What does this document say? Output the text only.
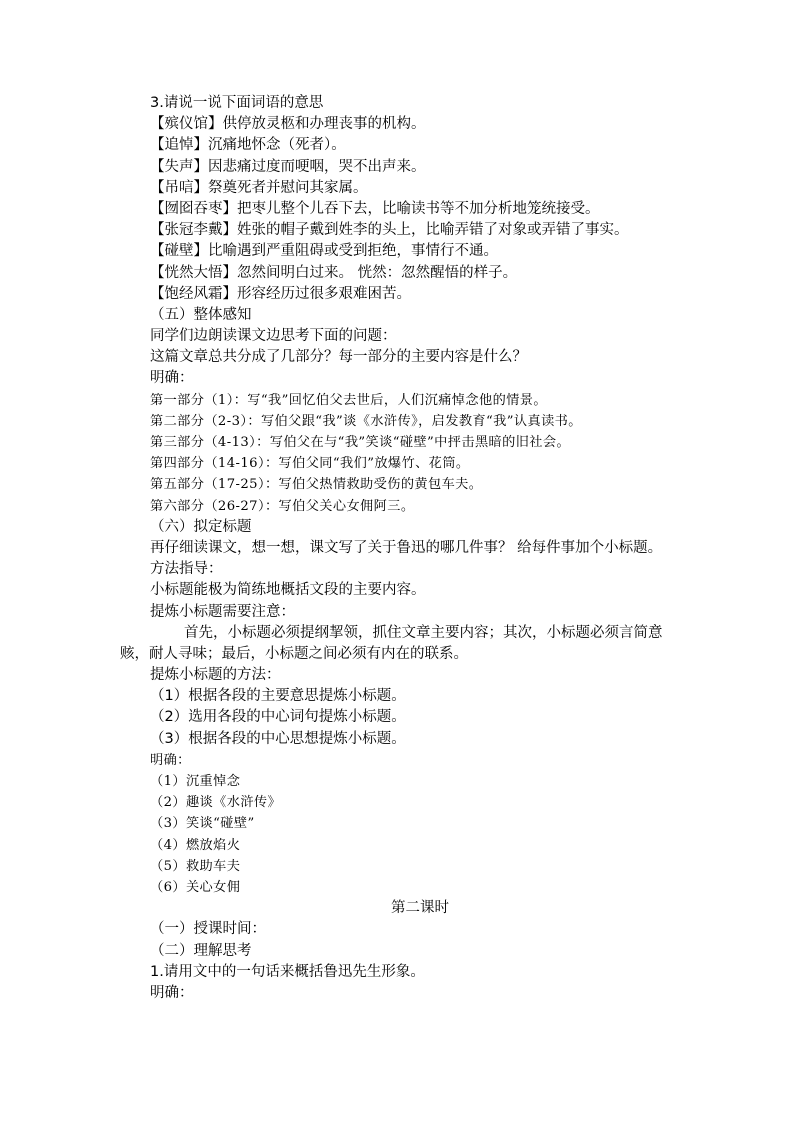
3.请说一说下面词语的意思
【殡仪馆】供停放灵柩和办理丧事的机构。
【追悼】沉痛地怀念（死者）。
【失声】因悲痛过度而哽咽，哭不出声来。
【吊唁】祭奠死者并慰问其家属。
【囫囵吞枣】把枣儿整个儿吞下去，比喻读书等不加分析地笼统接受。
【张冠李戴】姓张的帽子戴到姓李的头上，比喻弄错了对象或弄错了事实。
【碰壁】比喻遇到严重阻碍或受到拒绝，事情行不通。
【恍然大悟】忽然间明白过来。 恍然：忽然醒悟的样子。
【饱经风霜】形容经历过很多艰难困苦。
（五）整体感知
同学们边朗读课文边思考下面的问题：
这篇文章总共分成了几部分？每一部分的主要内容是什么？
明确：
第一部分（1）：写“我”回忆伯父去世后，人们沉痛悼念他的情景。
第二部分（2-3）：写伯父跟“我”谈《水浒传》，启发教育“我”认真读书。
第三部分（4-13）：写伯父在与“我”笑谈“碰壁”中抨击黑暗的旧社会。
第四部分（14-16）：写伯父同“我们”放爆竹、花筒。
第五部分（17-25）：写伯父热情救助受伤的黄包车夫。
第六部分（26-27）：写伯父关心女佣阿三。
（六）拟定标题
再仔细读课文，想一想，课文写了关于鲁迅的哪几件事？ 给每件事加个小标题。
方法指导：
小标题能极为简练地概括文段的主要内容。
提炼小标题需要注意：
首先，小标题必须提纲挈领，抓住文章主要内容；其次，小标题必须言简意赅，耐人寻味；最后，小标题之间必须有内在的联系。
提炼小标题的方法：
（1）根据各段的主要意思提炼小标题。
（2）选用各段的中心词句提炼小标题。
（3）根据各段的中心思想提炼小标题。
明确：
（1）沉重悼念
（2）趣谈《水浒传》
（3）笑谈“碰壁”
（4）燃放焰火
（5）救助车夫
（6）关心女佣
第二课时
（一）授课时间：
（二）理解思考
1.请用文中的一句话来概括鲁迅先生形象。
明确：
